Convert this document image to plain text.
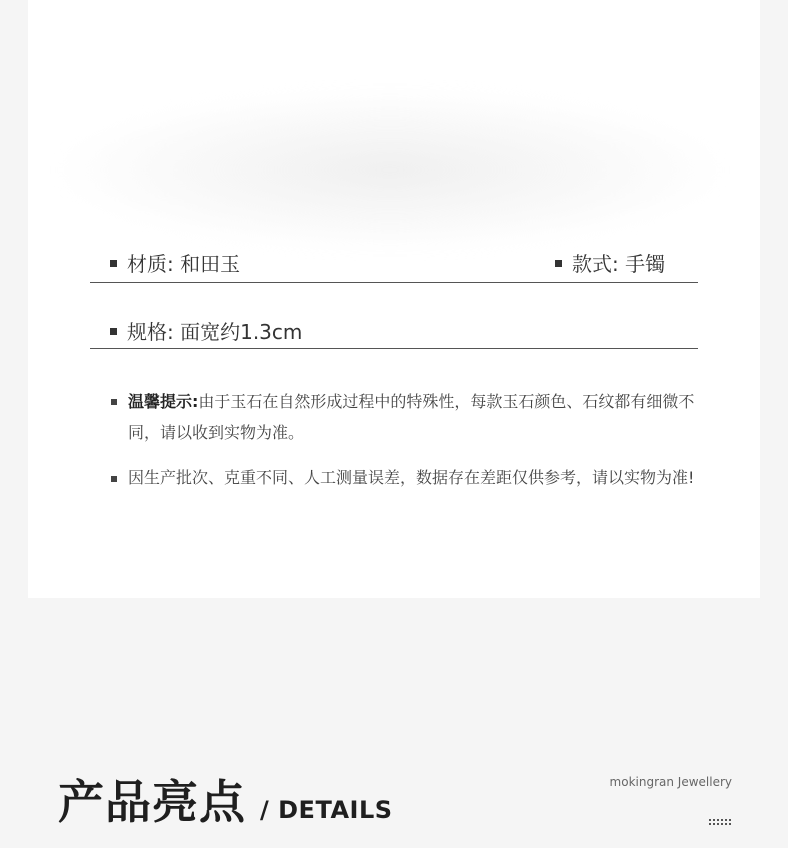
材质: 和田玉	款式: 手镯
规格: 面宽约1.3cm
温馨提示:由于玉石在自然形成过程中的特殊性，每款玉石颜色、石纹都有细微不同，请以收到实物为准。
因生产批次、克重不同、人工测量误差，数据存在差距仅供参考，请以实物为准!
产品亮点 / DETAILS
mokingran Jewellery
